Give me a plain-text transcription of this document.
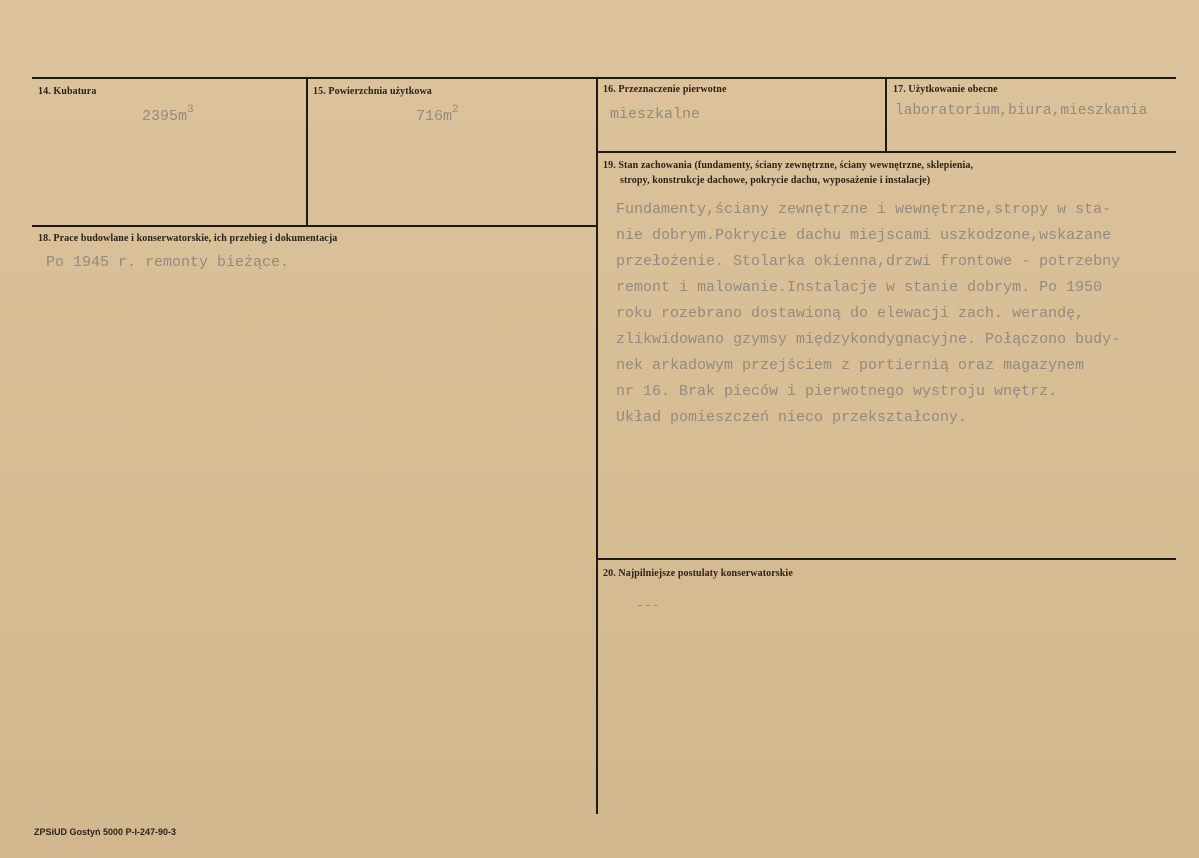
14. Kubatura
$2395m^3$
15. Powierzchnia użytkowa
$716m^2$
16. Przeznaczenie pierwotne
mieszkalne
17. Użytkowanie obecne
laboratorium,biura,mieszkania
19. Stan zachowania (fundamenty, ściany zewnętrzne, ściany wewnętrzne, sklepienia,
stropy, konstrukcje dachowe, pokrycie dachu, wyposażenie i instalacje)
Fundamenty,ściany zewnętrzne i wewnętrzne,stropy w sta-
nie dobrym.Pokrycie dachu miejscami uszkodzone,wskazane
przełożenie. Stolarka okienna,drzwi frontowe - potrzebny
remont i malowanie.Instalacje w stanie dobrym. Po 1950
roku rozebrano dostawioną do elewacji zach. werandę,
zlikwidowano gzymsy międzykondygnacyjne. Połączono budy-
nek arkadowym przejściem z portiernią oraz magazynem
nr 16. Brak pieców i pierwotnego wystroju wnętrz.
Układ pomieszczeń nieco przekształcony.
18. Prace budowlane i konserwatorskie, ich przebieg i dokumentacja
Po 1945 r. remonty bieżące.
20. Najpilniejsze postulaty konserwatorskie
---
ZPSiUD Gostyń 5000 P-I-247-90-3
